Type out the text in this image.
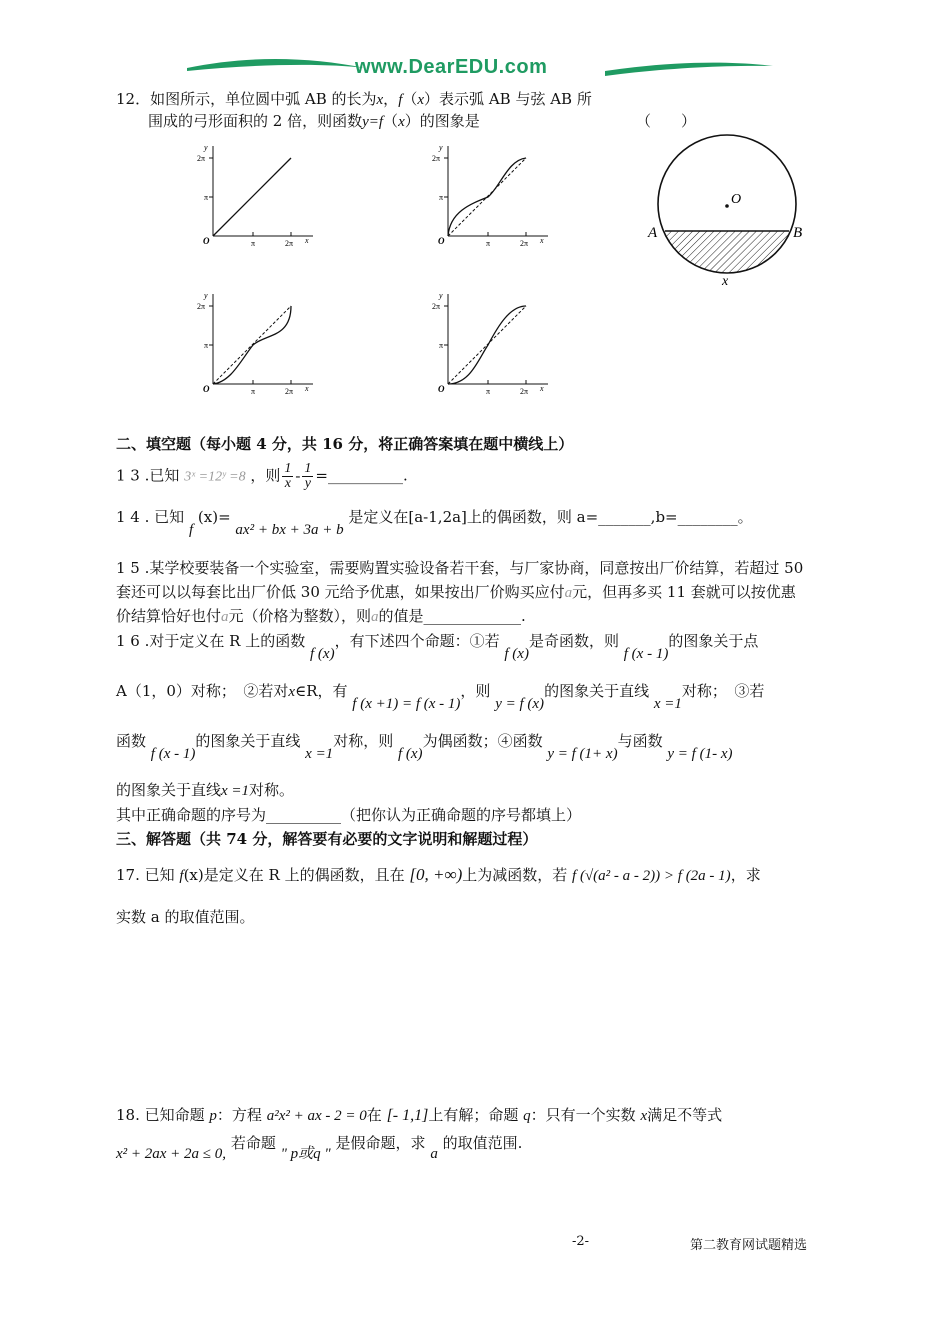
www.DearEDU.com
12．如图所示，单位圆中弧 AB 的长为x，f（x）表示弧 AB 与弦 AB 所
围成的弓形面积的 2 倍，则函数y=f（x）的图象是	（　　）
y
2π
π
O	π	2π x
y
2π
π
O	π	2π x
y
2π
π
O	π	2π x
y
2π
π
O	π	2π x
O
A	B
x
二、填空题（每小题 4 分，共 16 分，将正确答案填在题中横线上）
1 3 .已知 3ˣ =12ʸ =8 ，则 $\frac{1}{x} - \frac{1}{y}$ =__________.
1 4 . 已知 f (x)= ax² + bx + 3a + b 是定义在[a-1,2a]上的偶函数，则 a=_______,b=________。
1 5 .某学校要装备一个实验室，需要购置实验设备若干套，与厂家协商，同意按出厂价结算，若超过 50
套还可以以每套比出厂价低 30 元给予优惠，如果按出厂价购买应付a元，但再多买 11 套就可以按优惠
价结算恰好也付a元（价格为整数），则a的值是_____________.
1 6 .对于定义在 R 上的函数 f (x)，有下述四个命题：①若 f (x)是奇函数，则 f (x - 1)的图象关于点
A（1，0）对称；　②若对x∈R，有 f (x +1) = f (x - 1)，则 y = f (x)的图象关于直线 x =1对称；　③若
函数 f (x - 1)的图象关于直线 x =1对称，则 f (x)为偶函数；④函数 y = f (1+ x)与函数 y = f (1- x)
的图象关于直线x =1对称。
其中正确命题的序号为__________（把你认为正确命题的序号都填上）
三、解答题（共 74 分，解答要有必要的文字说明和解题过程）
17. 已知 f(x)是定义在 R 上的偶函数，且在 [0, +∞)上为减函数，若 f (√(a² - a - 2)) > f (2a - 1)，求
实数 a 的取值范围。
18. 已知命题 p：方程 a²x² + ax - 2 = 0在 [- 1,1]上有解；命题 q：只有一个实数 x满足不等式
x² + 2ax + 2a ≤ 0, 若命题 " p或q " 是假命题，求 a 的取值范围.
-2-	第二教育网试题精选
